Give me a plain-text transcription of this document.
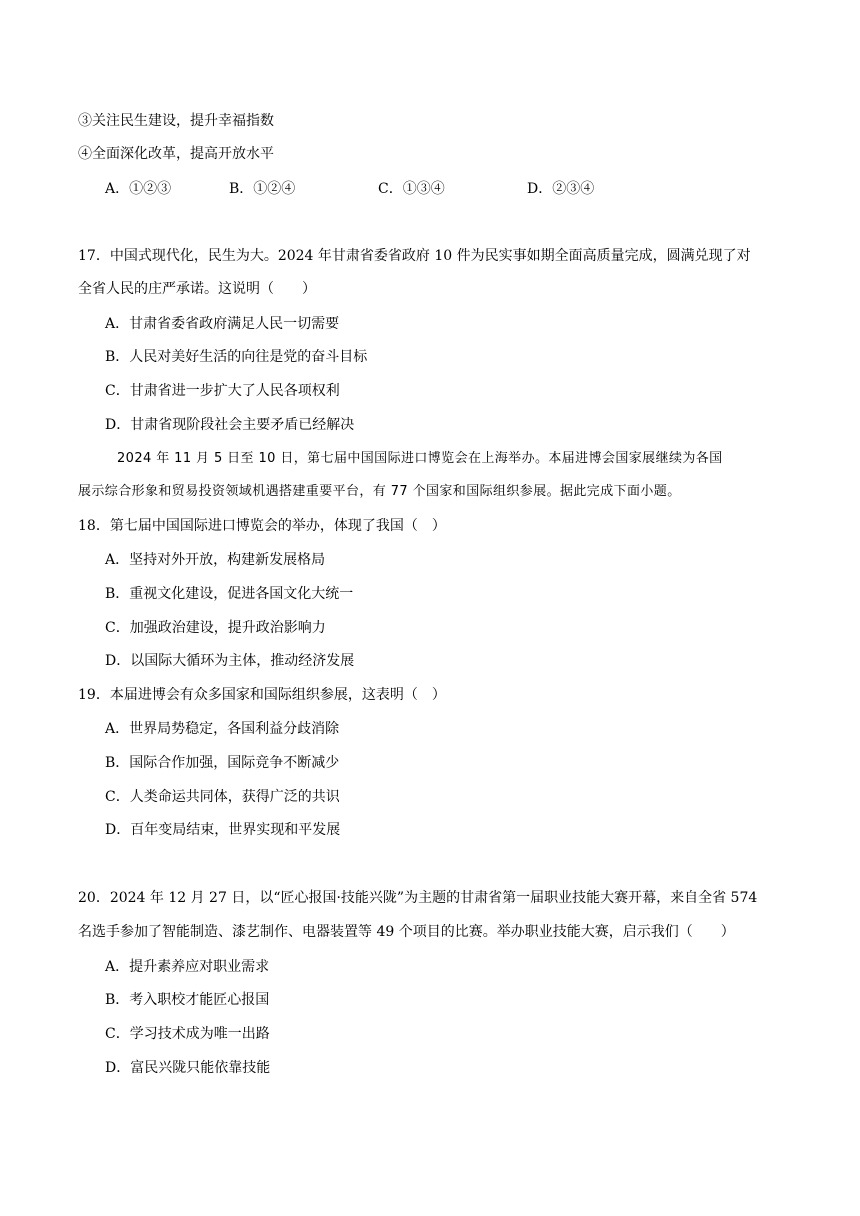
③关注民生建设，提升幸福指数
④全面深化改革，提高开放水平
A．①②③	B．①②④	C．①③④	D．②③④
17．中国式现代化，民生为大。2024 年甘肃省委省政府 10 件为民实事如期全面高质量完成，圆满兑现了对
全省人民的庄严承诺。这说明（　　）
A．甘肃省委省政府满足人民一切需要
B．人民对美好生活的向往是党的奋斗目标
C．甘肃省进一步扩大了人民各项权利
D．甘肃省现阶段社会主要矛盾已经解决
2024 年 11 月 5 日至 10 日，第七届中国国际进口博览会在上海举办。本届进博会国家展继续为各国
展示综合形象和贸易投资领域机遇搭建重要平台，有 77 个国家和国际组织参展。据此完成下面小题。
18．第七届中国国际进口博览会的举办，体现了我国（　）
A．坚持对外开放，构建新发展格局
B．重视文化建设，促进各国文化大统一
C．加强政治建设，提升政治影响力
D．以国际大循环为主体，推动经济发展
19．本届进博会有众多国家和国际组织参展，这表明（　）
A．世界局势稳定，各国利益分歧消除
B．国际合作加强，国际竞争不断减少
C．人类命运共同体，获得广泛的共识
D．百年变局结束，世界实现和平发展
20．2024 年 12 月 27 日，以“匠心报国·技能兴陇”为主题的甘肃省第一届职业技能大赛开幕，来自全省 574
名选手参加了智能制造、漆艺制作、电器装置等 49 个项目的比赛。举办职业技能大赛，启示我们（　　）
A．提升素养应对职业需求
B．考入职校才能匠心报国
C．学习技术成为唯一出路
D．富民兴陇只能依靠技能
